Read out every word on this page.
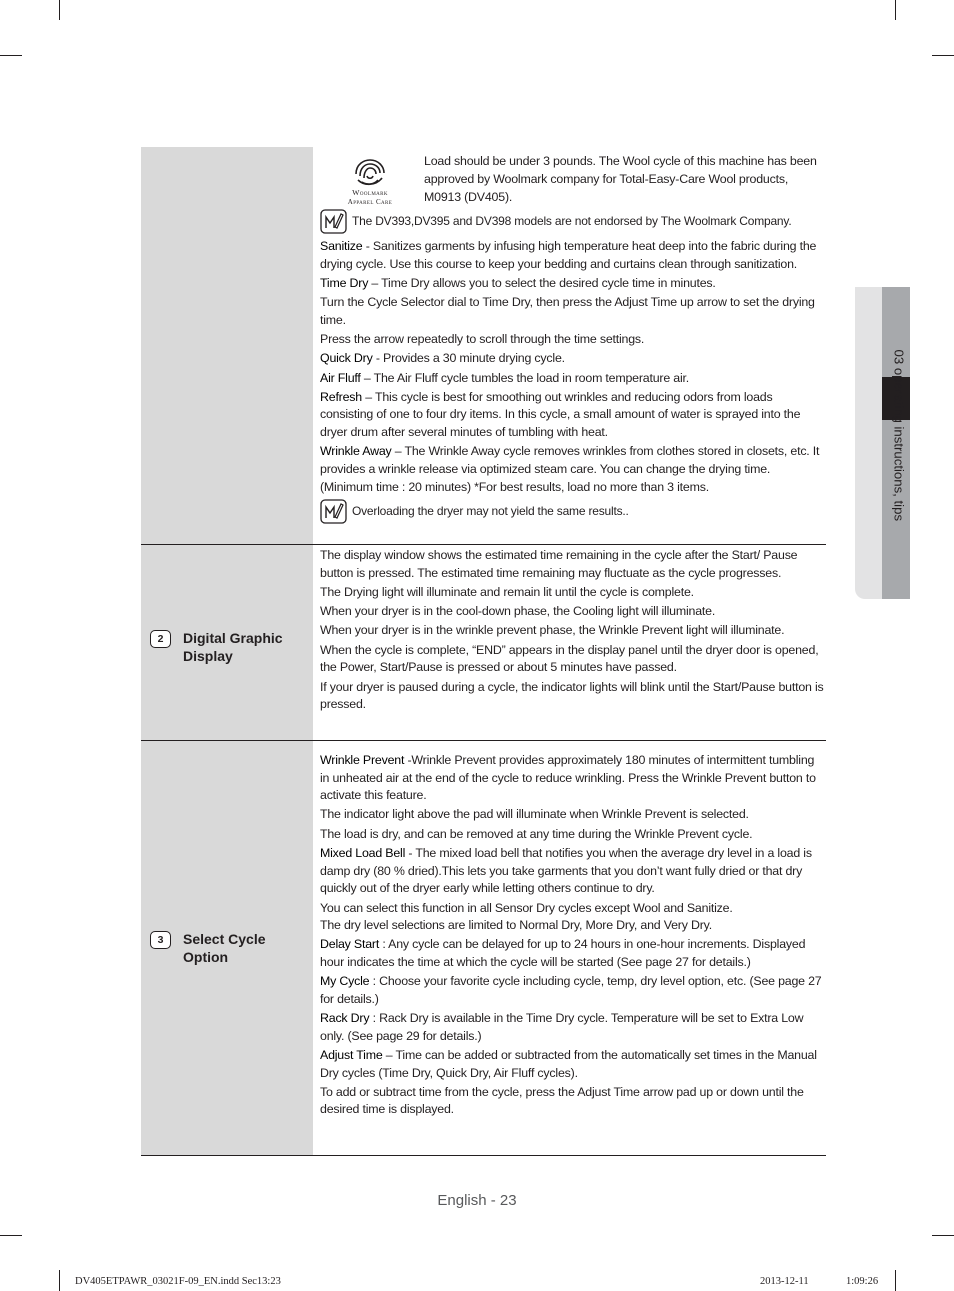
03 operating instructions, tips
Woolmark
Apparel Care
Load should be under 3 pounds. The Wool cycle of this machine has been approved by Woolmark company for Total-Easy-Care Wool products, M0913 (DV405).
The DV393,DV395 and DV398 models are not endorsed by The Woolmark Company.

Sanitize - Sanitizes garments by infusing high temperature heat deep into the fabric during the drying cycle. Use this course to keep your bedding and curtains clean through sanitization.

Time Dry – Time Dry allows you to select the desired cycle time in minutes.

Turn the Cycle Selector dial to Time Dry, then press the Adjust Time up arrow to set the drying time.

Press the arrow repeatedly to scroll through the time settings.

Quick Dry - Provides a 30 minute drying cycle.

Air Fluff – The Air Fluff cycle tumbles the load in room temperature air.

Refresh – This cycle is best for smoothing out wrinkles and reducing odors from loads consisting of one to four dry items. In this cycle, a small amount of water is sprayed into the dryer drum after several minutes of tumbling with heat.

Wrinkle Away – The Wrinkle Away cycle removes wrinkles from clothes stored in closets, etc. It provides a wrinkle release via optimized steam care. You can change the drying time. (Minimum time : 20 minutes) *For best results, load no more than 3 items.

Overloading the dryer may not yield the same results..
2	Digital Graphic Display

The display window shows the estimated time remaining in the cycle after the Start/ Pause button is pressed. The estimated time remaining may fluctuate as the cycle progresses.

The Drying light will illuminate and remain lit until the cycle is complete.

When your dryer is in the cool-down phase, the Cooling light will illuminate.

When your dryer is in the wrinkle prevent phase, the Wrinkle Prevent light will illuminate.

When the cycle is complete, “END” appears in the display panel until the dryer door is opened, the Power, Start/Pause is pressed or about 5 minutes have passed.

If your dryer is paused during a cycle, the indicator lights will blink until the Start/Pause button is pressed.

3	Select Cycle Option

Wrinkle Prevent -Wrinkle Prevent provides approximately 180 minutes of intermittent tumbling in unheated air at the end of the cycle to reduce wrinkling. Press the Wrinkle Prevent button to activate this feature.

The indicator light above the pad will illuminate when Wrinkle Prevent is selected.

The load is dry, and can be removed at any time during the Wrinkle Prevent cycle.

Mixed Load Bell - The mixed load bell that notifies you when the average dry level in a load is damp dry (80 % dried).This lets you take garments that you don’t want fully dried or that dry quickly out of the dryer early while letting others continue to dry.

You can select this function in all Sensor Dry cycles except Wool and Sanitize.

The dry level selections are limited to Normal Dry, More Dry, and Very Dry.

Delay Start : Any cycle can be delayed for up to 24 hours in one-hour increments. Displayed hour indicates the time at which the cycle will be started (See page 27 for details.)

My Cycle : Choose your favorite cycle including cycle, temp, dry level option, etc. (See page 27 for details.)

Rack Dry : Rack Dry is available in the Time Dry cycle. Temperature will be set to Extra Low only. (See page 29 for details.)

Adjust Time – Time can be added or subtracted from the automatically set times in the Manual Dry cycles (Time Dry, Quick Dry, Air Fluff cycles).

To add or subtract time from the cycle, press the Adjust Time arrow pad up or down until the desired time is displayed.

English - 23
DV405ETPAWR_03021F-09_EN.indd Sec13:23	2013-12-11	1:09:26
